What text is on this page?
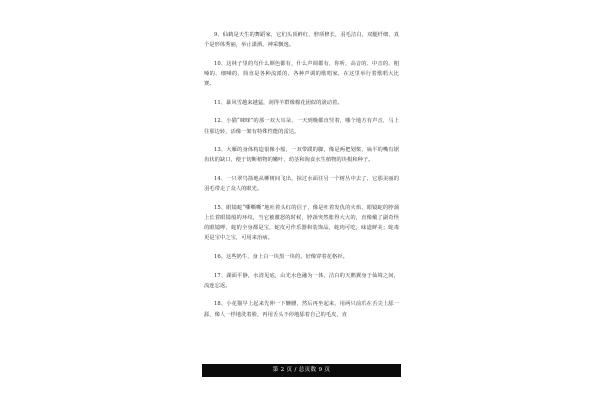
9、仙鹤是天生的舞蹈家，它们头顶鲜红，脖项修长，羽毛洁白，双腿纤细，真个是形体秀丽，举止潇洒，神采飘逸。

10、这林子里的鸟什么颜色都有，什么声调都有，你听，高音的、中音的、粗嗓的、细嗓的，简直是各种流派的、各种声调的歌唱家，在这里举行着歌唱大比赛。

11、暴风雪越来越猛，刮得羊群像棉花团似的滚动着。

12、小猫“咪咪”的那一双大耳朵，一天到晚都直竖着，哪个地方有声音，马上往那边转，活像一架有特殊性能的雷达。

13、大雁的身体构造很像小船，一双带蹼的脚，像是两把划桨，扁平的嘴有锯齿状的缺口，便于切断植物的嫩叶，幼茎和淘食水生植物的块根和种子。

14、一只翠鸟箭地从柳树间飞出，掠过水面往另一个树丛中去了，它那美丽的羽毛带走了众人的眼光。

15、眼镜蛇“嘶嘶嘶”地吐着头红的信子，像是吐着发仇的火焰，眼镜蛇的脖颈上长着眼镜般的环纹，当它被激怒的时候，脖颈突然胀得大大的，直像戴了副奇怪的眼镜呷，蛇的全身都是宝，蛇皮可作乐器和装饰品，蛇肉可吃，味道鲜美；蛇毒更是宝中之宝，可用来治病。

16、这些奶牛，身上白一块黑一块的，好像穿着花格衫。

17、湖面平静，水清见底，山光水色融为一体，洁白的天鹅翼身于仙境之间，流连忘返。

18、小花猫早上起来先伸一下懒腰，然后再坐起来，用两只前爪在舌尖上舔一舔，像人一样地洗着脸，再用舌头不停地舔着自己的毛皮，直

第 2 页 / 总页数 9 页
